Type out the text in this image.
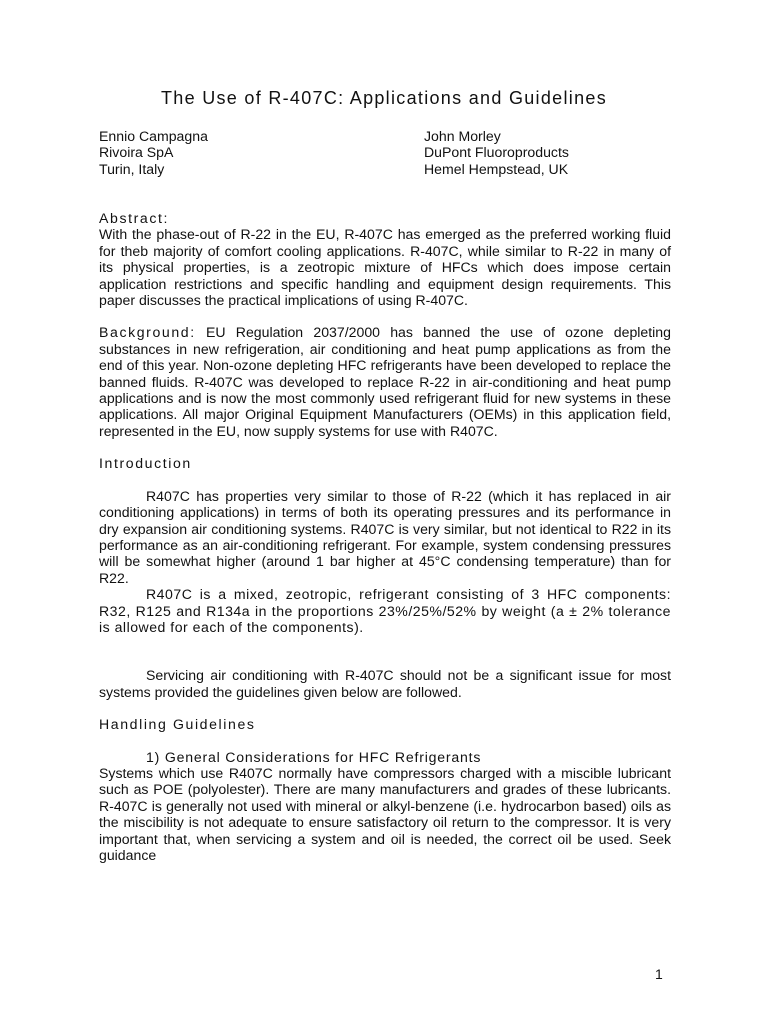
The Use of R-407C: Applications and Guidelines
Ennio Campagna
Rivoira SpA
Turin, Italy
John Morley
DuPont Fluoroproducts
Hemel Hempstead, UK

Abstract:

With the phase-out of R-22 in the EU, R-407C has emerged as the preferred working fluid for theb majority of comfort cooling applications. R-407C, while similar to R-22 in many of its physical properties, is a zeotropic mixture of HFCs which does impose certain application restrictions and specific handling and equipment design requirements. This paper discusses the practical implications of using R-407C.

Background: EU Regulation 2037/2000 has banned the use of ozone depleting substances in new refrigeration, air conditioning and heat pump applications as from the end of this year. Non-ozone depleting HFC refrigerants have been developed to replace the banned fluids. R-407C was developed to replace R-22 in air-conditioning and heat pump applications and is now the most commonly used refrigerant fluid for new systems in these applications. All major Original Equipment Manufacturers (OEMs) in this application field, represented in the EU, now supply systems for use with R407C.

Introduction

R407C has properties very similar to those of R-22 (which it has replaced in air conditioning applications) in terms of both its operating pressures and its performance in dry expansion air conditioning systems. R407C is very similar, but not identical to R22 in its performance as an air-conditioning refrigerant. For example, system condensing pressures will be somewhat higher (around 1 bar higher at 45°C condensing temperature) than for R22.

R407C is a mixed, zeotropic, refrigerant consisting of 3 HFC components: R32, R125 and R134a in the proportions 23%/25%/52% by weight (a ± 2% tolerance is allowed for each of the components).

Servicing air conditioning with R-407C should not be a significant issue for most systems provided the guidelines given below are followed.

Handling Guidelines

1) General Considerations for HFC Refrigerants

Systems which use R407C normally have compressors charged with a miscible lubricant such as POE (polyolester). There are many manufacturers and grades of these lubricants. R-407C is generally not used with mineral or alkyl-benzene (i.e. hydrocarbon based) oils as the miscibility is not adequate to ensure satisfactory oil return to the compressor. It is very important that, when servicing a system and oil is needed, the correct oil be used. Seek guidance

1
